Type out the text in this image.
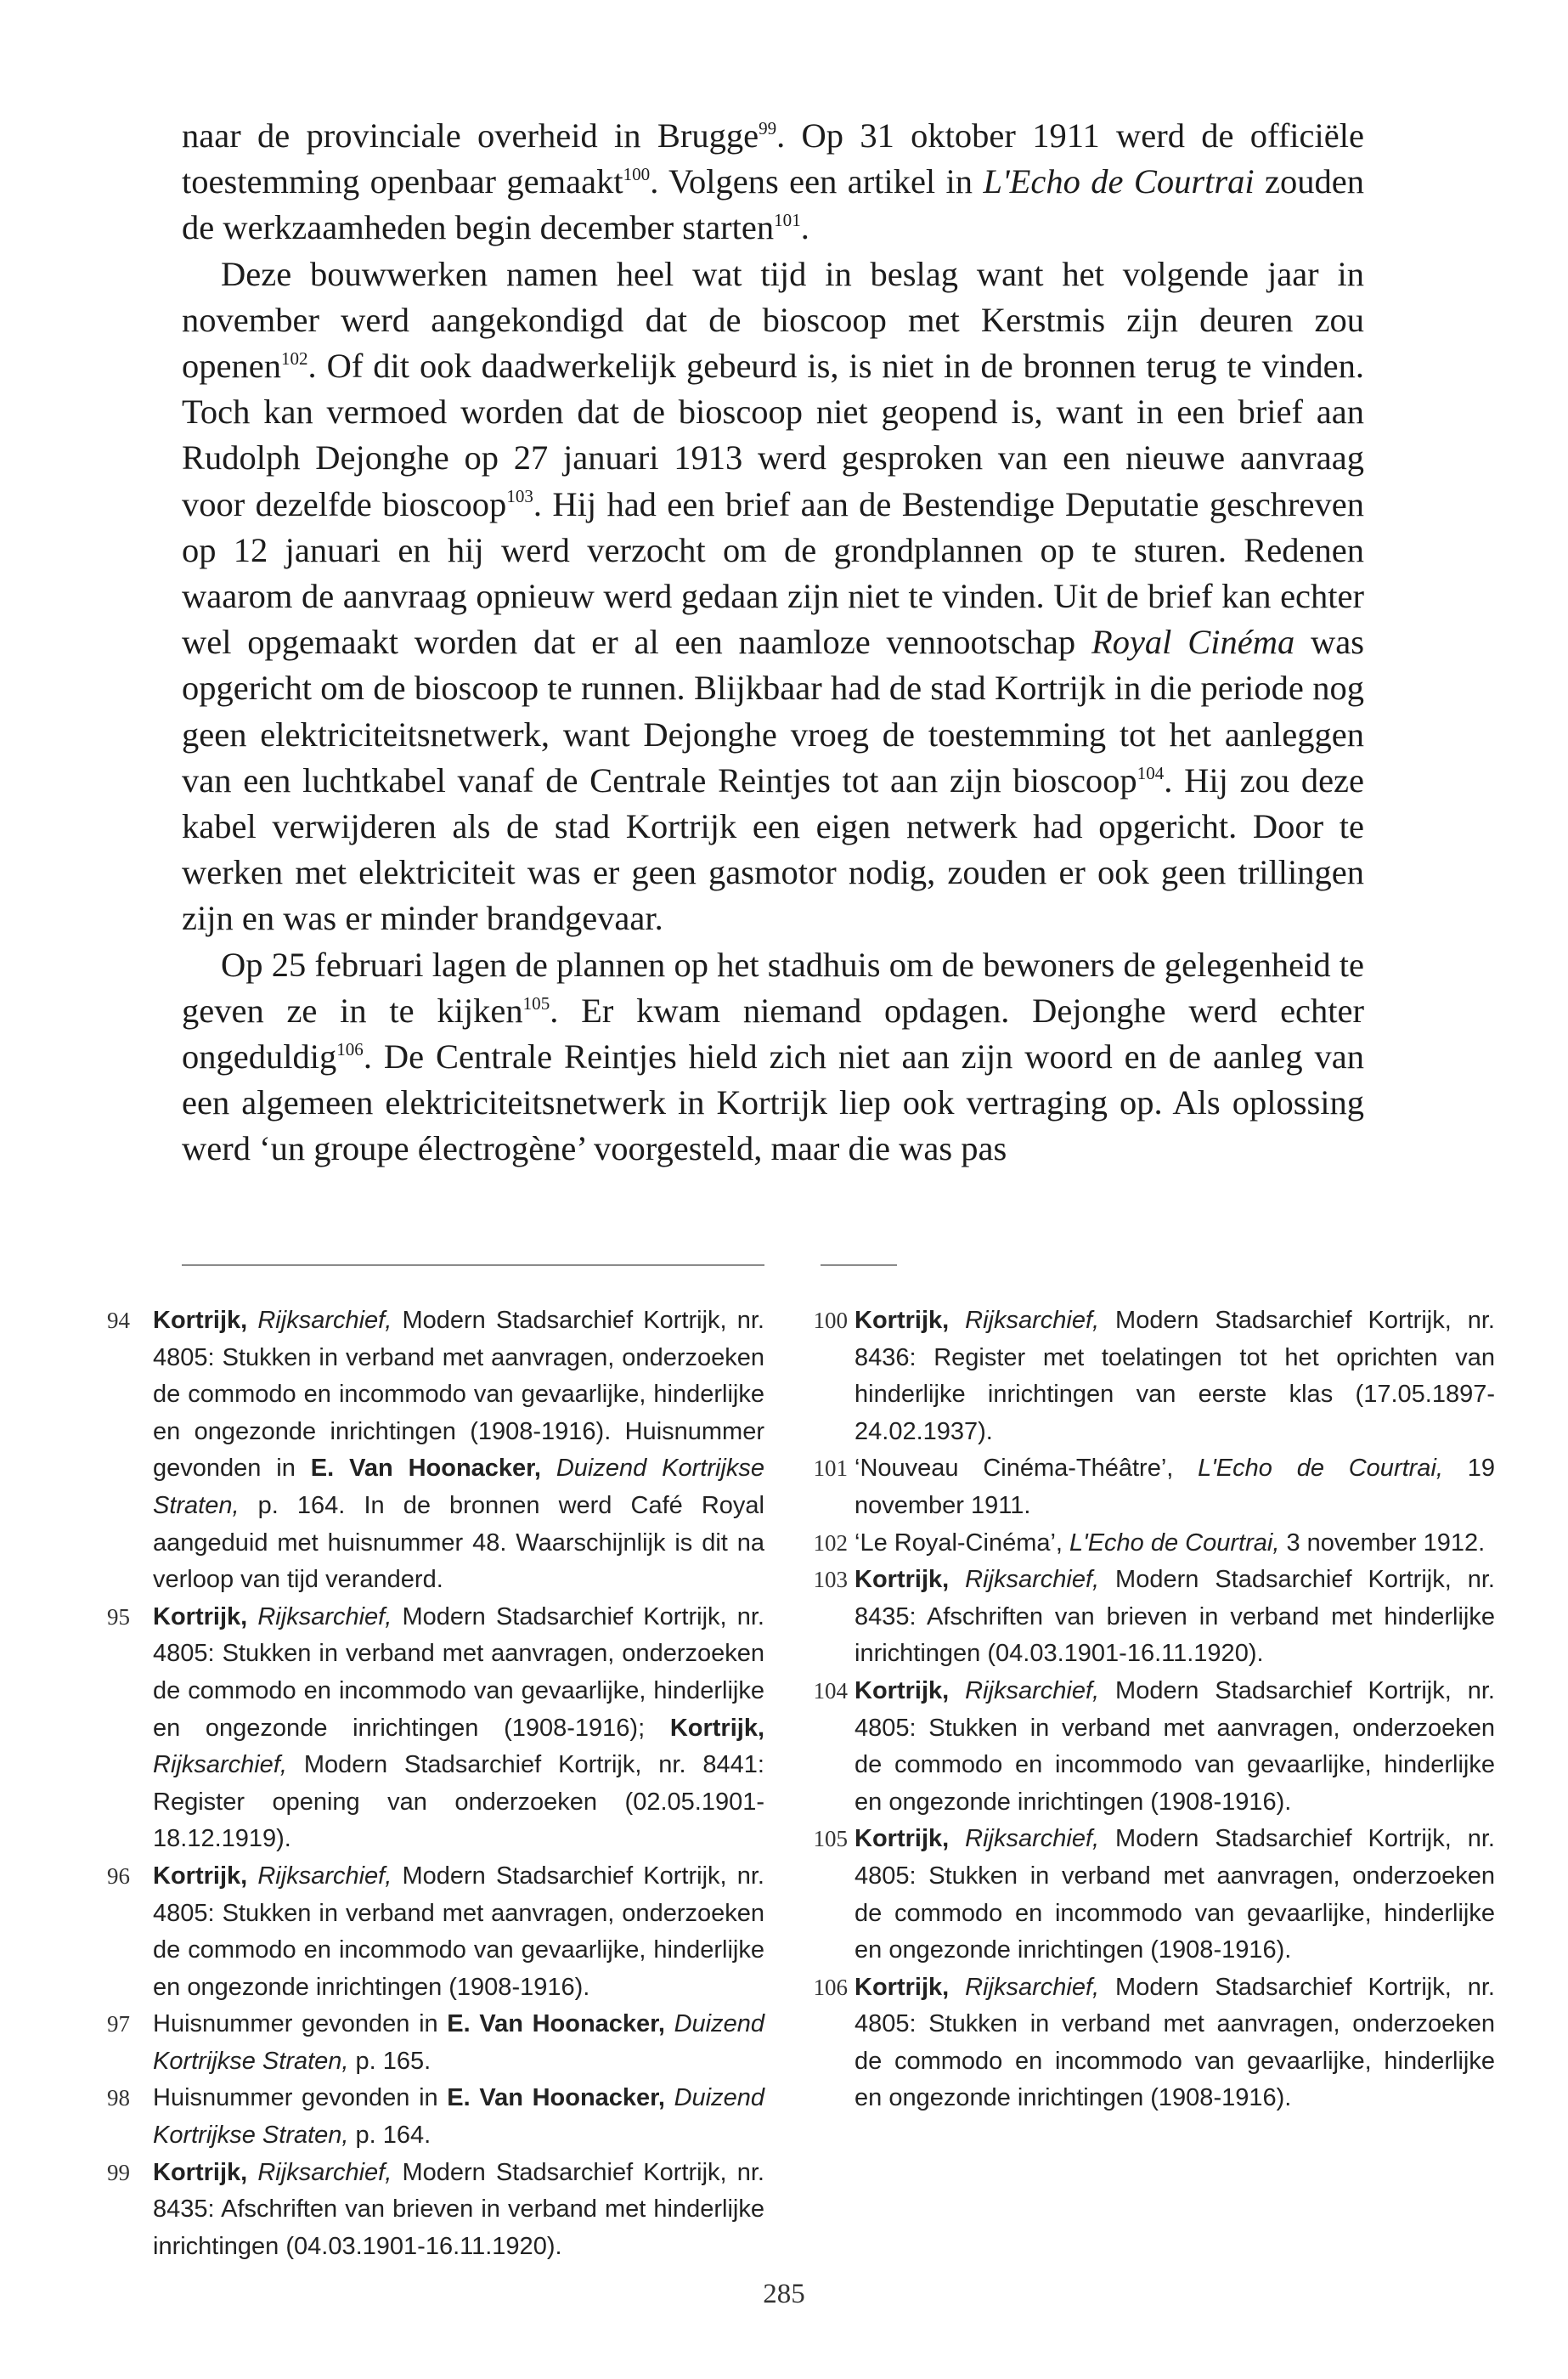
naar de provinciale overheid in Brugge$^{99}$. Op 31 oktober 1911 werd de officiële toestemming openbaar gemaakt$^{100}$. Volgens een artikel in L'Echo de Courtrai zouden de werkzaamheden begin december starten$^{101}$.

Deze bouwwerken namen heel wat tijd in beslag want het volgende jaar in november werd aangekondigd dat de bioscoop met Kerstmis zijn deuren zou openen$^{102}$. Of dit ook daadwerkelijk gebeurd is, is niet in de bronnen terug te vinden. Toch kan vermoed worden dat de bioscoop niet geopend is, want in een brief aan Rudolph Dejonghe op 27 januari 1913 werd gesproken van een nieuwe aanvraag voor dezelfde bioscoop$^{103}$. Hij had een brief aan de Bestendige Deputatie geschreven op 12 januari en hij werd verzocht om de grondplannen op te sturen. Redenen waarom de aanvraag opnieuw werd gedaan zijn niet te vinden. Uit de brief kan echter wel opgemaakt worden dat er al een naamloze vennootschap Royal Cinéma was opgericht om de bioscoop te runnen. Blijkbaar had de stad Kortrijk in die periode nog geen elektriciteitsnetwerk, want Dejonghe vroeg de toestemming tot het aanleggen van een luchtkabel vanaf de Centrale Reintjes tot aan zijn bioscoop$^{104}$. Hij zou deze kabel verwijderen als de stad Kortrijk een eigen netwerk had opgericht. Door te werken met elektriciteit was er geen gasmotor nodig, zouden er ook geen trillingen zijn en was er minder brandgevaar.

Op 25 februari lagen de plannen op het stadhuis om de bewoners de gelegenheid te geven ze in te kijken$^{105}$. Er kwam niemand opdagen. Dejonghe werd echter ongeduldig$^{106}$. De Centrale Reintjes hield zich niet aan zijn woord en de aanleg van een algemeen elektriciteitsnetwerk in Kortrijk liep ook vertraging op. Als oplossing werd ‘un groupe électrogène’ voorgesteld, maar die was pas

94 Kortrijk, Rijksarchief, Modern Stadsarchief Kortrijk, nr. 4805: Stukken in verband met aanvragen, onderzoeken de commodo en incommodo van gevaarlijke, hinderlijke en ongezonde inrichtingen (1908-1916). Huisnummer gevonden in E. Van Hoonacker, Duizend Kortrijkse Straten, p. 164. In de bronnen werd Café Royal aangeduid met huisnummer 48. Waarschijnlijk is dit na verloop van tijd veranderd.
95 Kortrijk, Rijksarchief, Modern Stadsarchief Kortrijk, nr. 4805: Stukken in verband met aanvragen, onderzoeken de commodo en incommodo van gevaarlijke, hinderlijke en ongezonde inrichtingen (1908-1916); Kortrijk, Rijksarchief, Modern Stadsarchief Kortrijk, nr. 8441: Register opening van onderzoeken (02.05.1901-18.12.1919).
96 Kortrijk, Rijksarchief, Modern Stadsarchief Kortrijk, nr. 4805: Stukken in verband met aanvragen, onderzoeken de commodo en incommodo van gevaarlijke, hinderlijke en ongezonde inrichtingen (1908-1916).
97 Huisnummer gevonden in E. Van Hoonacker, Duizend Kortrijkse Straten, p. 165.
98 Huisnummer gevonden in E. Van Hoonacker, Duizend Kortrijkse Straten, p. 164.
99 Kortrijk, Rijksarchief, Modern Stadsarchief Kortrijk, nr. 8435: Afschriften van brieven in verband met hinderlijke inrichtingen (04.03.1901-16.11.1920).
100 Kortrijk, Rijksarchief, Modern Stadsarchief Kortrijk, nr. 8436: Register met toelatingen tot het oprichten van hinderlijke inrichtingen van eerste klas (17.05.1897-24.02.1937).
101 ‘Nouveau Cinéma-Théâtre’, L'Echo de Courtrai, 19 november 1911.
102 ‘Le Royal-Cinéma’, L'Echo de Courtrai, 3 november 1912.
103 Kortrijk, Rijksarchief, Modern Stadsarchief Kortrijk, nr. 8435: Afschriften van brieven in verband met hinderlijke inrichtingen (04.03.1901-16.11.1920).
104 Kortrijk, Rijksarchief, Modern Stadsarchief Kortrijk, nr. 4805: Stukken in verband met aanvragen, onderzoeken de commodo en incommodo van gevaarlijke, hinderlijke en ongezonde inrichtingen (1908-1916).
105 Kortrijk, Rijksarchief, Modern Stadsarchief Kortrijk, nr. 4805: Stukken in verband met aanvragen, onderzoeken de commodo en incommodo van gevaarlijke, hinderlijke en ongezonde inrichtingen (1908-1916).
106 Kortrijk, Rijksarchief, Modern Stadsarchief Kortrijk, nr. 4805: Stukken in verband met aanvragen, onderzoeken de commodo en incommodo van gevaarlijke, hinderlijke en ongezonde inrichtingen (1908-1916).
285
